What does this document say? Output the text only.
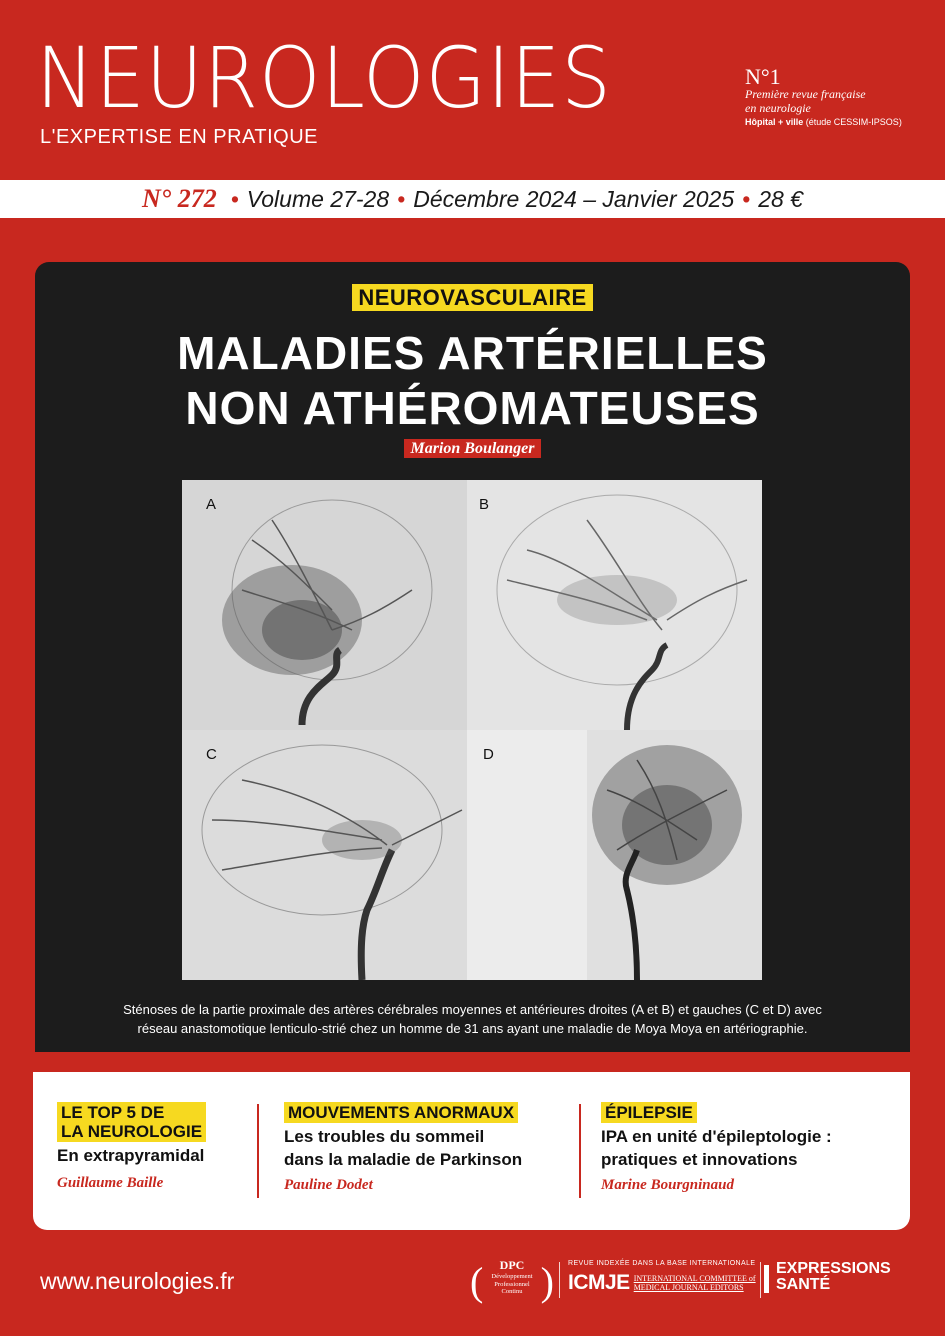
NEUROLOGIES
L'EXPERTISE EN PRATIQUE
N°1
Première revue française
en neurologie
Hôpital + ville (étude CESSIM-IPSOS)
N° 272 • Volume 27-28 • Décembre 2024 – Janvier 2025 • 28 €
NEUROVASCULAIRE
MALADIES ARTÉRIELLES
NON ATHÉROMATEUSES
Marion Boulanger
A	B
C	D
Sténoses de la partie proximale des artères cérébrales moyennes et antérieures droites (A et B) et gauches (C et D) avec
réseau anastomotique lenticulo-strié chez un homme de 31 ans ayant une maladie de Moya Moya en artériographie.
LE TOP 5 DE
LA NEUROLOGIE
En extrapyramidal
Guillaume Baille
MOUVEMENTS ANORMAUX
Les troubles du sommeil
dans la maladie de Parkinson
Pauline Dodet
ÉPILEPSIE
IPA en unité d'épileptologie :
pratiques et innovations
Marine Bourgninaud
www.neurologies.fr	(	DPC
Développement
Professionnel
Continu ) REVUE INDEXÉE DANS LA BASE INTERNATIONALE
ICMJE INTERNATIONAL COMMITTEE of
MEDICAL JOURNAL EDITORS
EXPRESSIONS
SANTÉ
